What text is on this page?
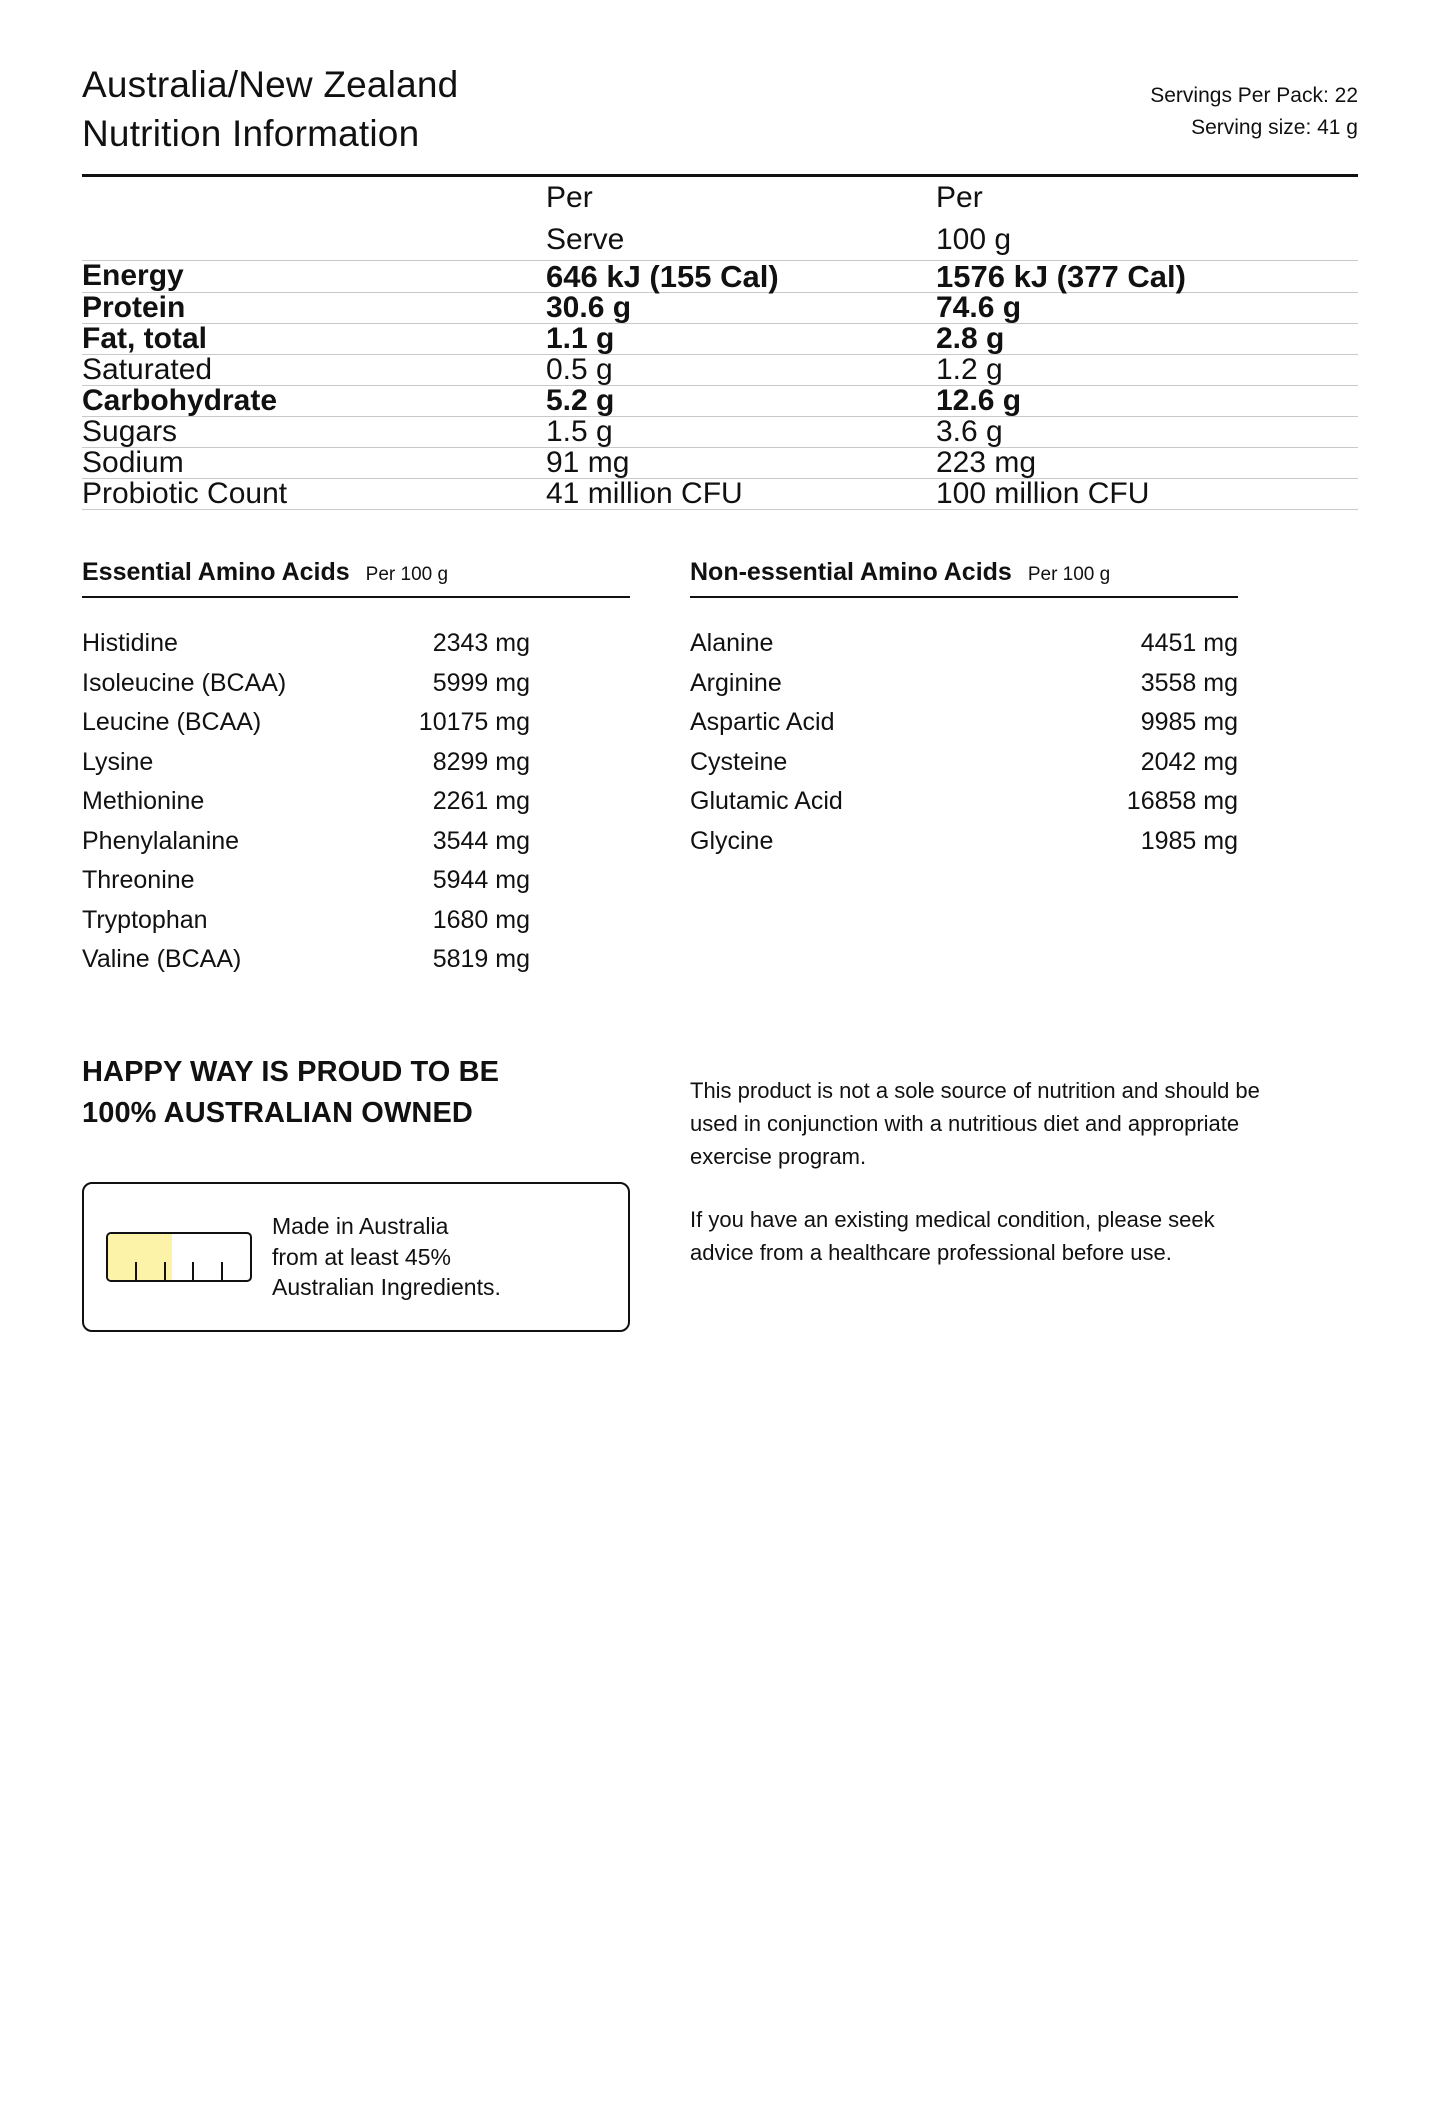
Australia/New Zealand
Nutrition Information
Servings Per Pack: 22
Serving size: 41 g

Per
Serve

Per
100 g

Energy	646 kJ (155 Cal)	1576 kJ (377 Cal)
Protein	30.6 g	74.6 g
Fat, total	1.1 g	2.8 g
Saturated	0.5 g	1.2 g
Carbohydrate	5.2 g	12.6 g
Sugars	1.5 g	3.6 g
Sodium	91 mg	223 mg
Probiotic Count	41 million CFU	100 million CFU
Essential Amino Acids Per 100 g
Histidine	2343 mg
Isoleucine (BCAA)	5999 mg
Leucine (BCAA)	10175 mg
Lysine	8299 mg
Methionine	2261 mg
Phenylalanine	3544 mg
Threonine	5944 mg
Tryptophan	1680 mg
Valine (BCAA)	5819 mg
Non-essential Amino Acids Per 100 g
Alanine	4451 mg
Arginine	3558 mg
Aspartic Acid	9985 mg
Cysteine	2042 mg
Glutamic Acid	16858 mg
Glycine	1985 mg
HAPPY WAY IS PROUD TO BE
100% AUSTRALIAN OWNED
Made in Australia
from at least 45%
Australian Ingredients.
This product is not a sole source of nutrition and should be used in conjunction with a nutritious diet and appropriate exercise program.
If you have an existing medical condition, please seek advice from a healthcare professional before use.
